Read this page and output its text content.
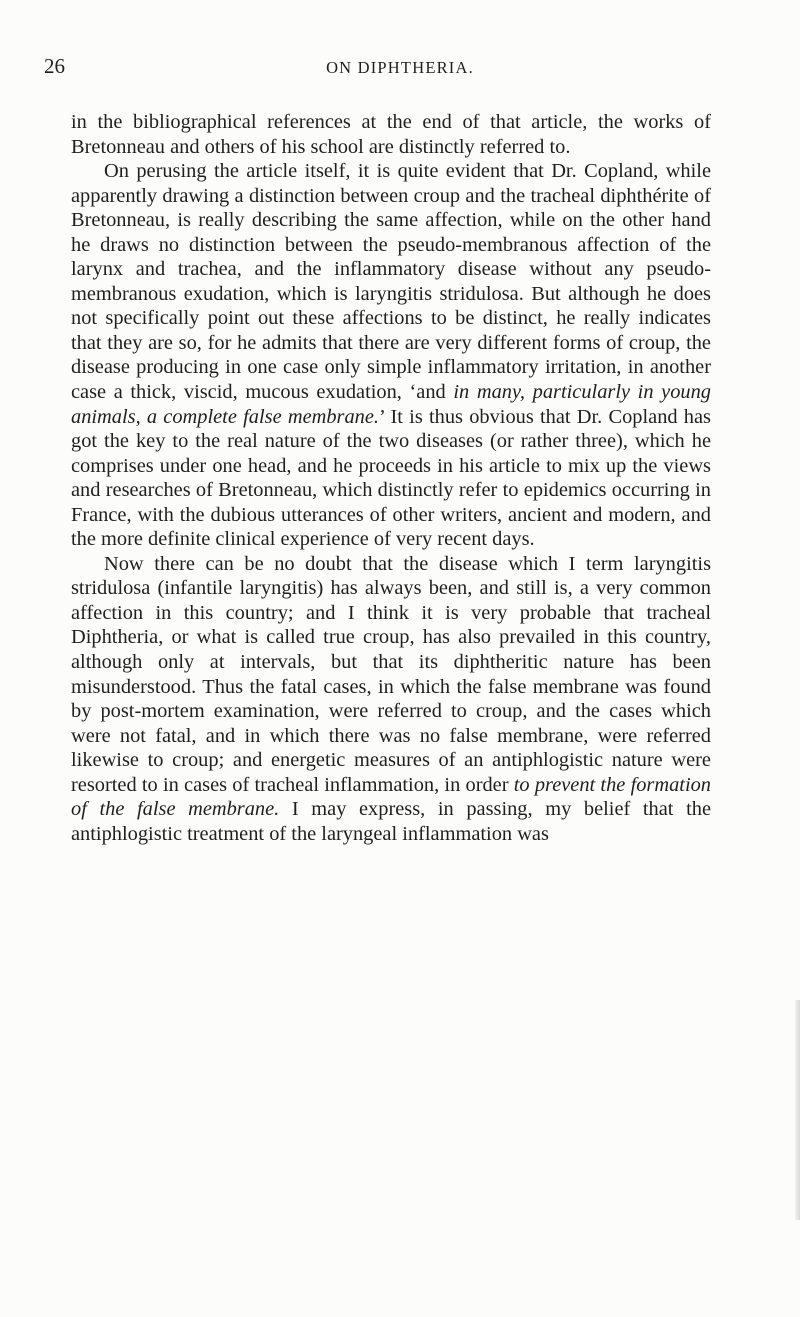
26	ON DIPHTHERIA.

in the bibliographical references at the end of that article, the works of Bretonneau and others of his school are distinctly referred to.

On perusing the article itself, it is quite evident that Dr. Copland, while apparently drawing a distinction between croup and the tracheal diphthérite of Bretonneau, is really describing the same affection, while on the other hand he draws no distinction between the pseudo-membranous affection of the larynx and trachea, and the inflammatory disease without any pseudo-membranous exudation, which is laryngitis stridulosa. But although he does not specifically point out these affections to be distinct, he really indicates that they are so, for he admits that there are very different forms of croup, the disease producing in one case only simple inflammatory irritation, in another case a thick, viscid, mucous exudation, ‘and in many, particularly in young animals, a complete false membrane.’ It is thus obvious that Dr. Copland has got the key to the real nature of the two diseases (or rather three), which he comprises under one head, and he proceeds in his article to mix up the views and researches of Bretonneau, which distinctly refer to epidemics occurring in France, with the dubious utterances of other writers, ancient and modern, and the more definite clinical experience of very recent days.

Now there can be no doubt that the disease which I term laryngitis stridulosa (infantile laryngitis) has always been, and still is, a very common affection in this country; and I think it is very probable that tracheal Diphtheria, or what is called true croup, has also prevailed in this country, although only at intervals, but that its diphtheritic nature has been misunderstood. Thus the fatal cases, in which the false membrane was found by post-mortem examination, were referred to croup, and the cases which were not fatal, and in which there was no false membrane, were referred likewise to croup; and energetic measures of an antiphlogistic nature were resorted to in cases of tracheal inflammation, in order to prevent the formation of the false membrane. I may express, in passing, my belief that the antiphlogistic treatment of the laryngeal inflammation was
